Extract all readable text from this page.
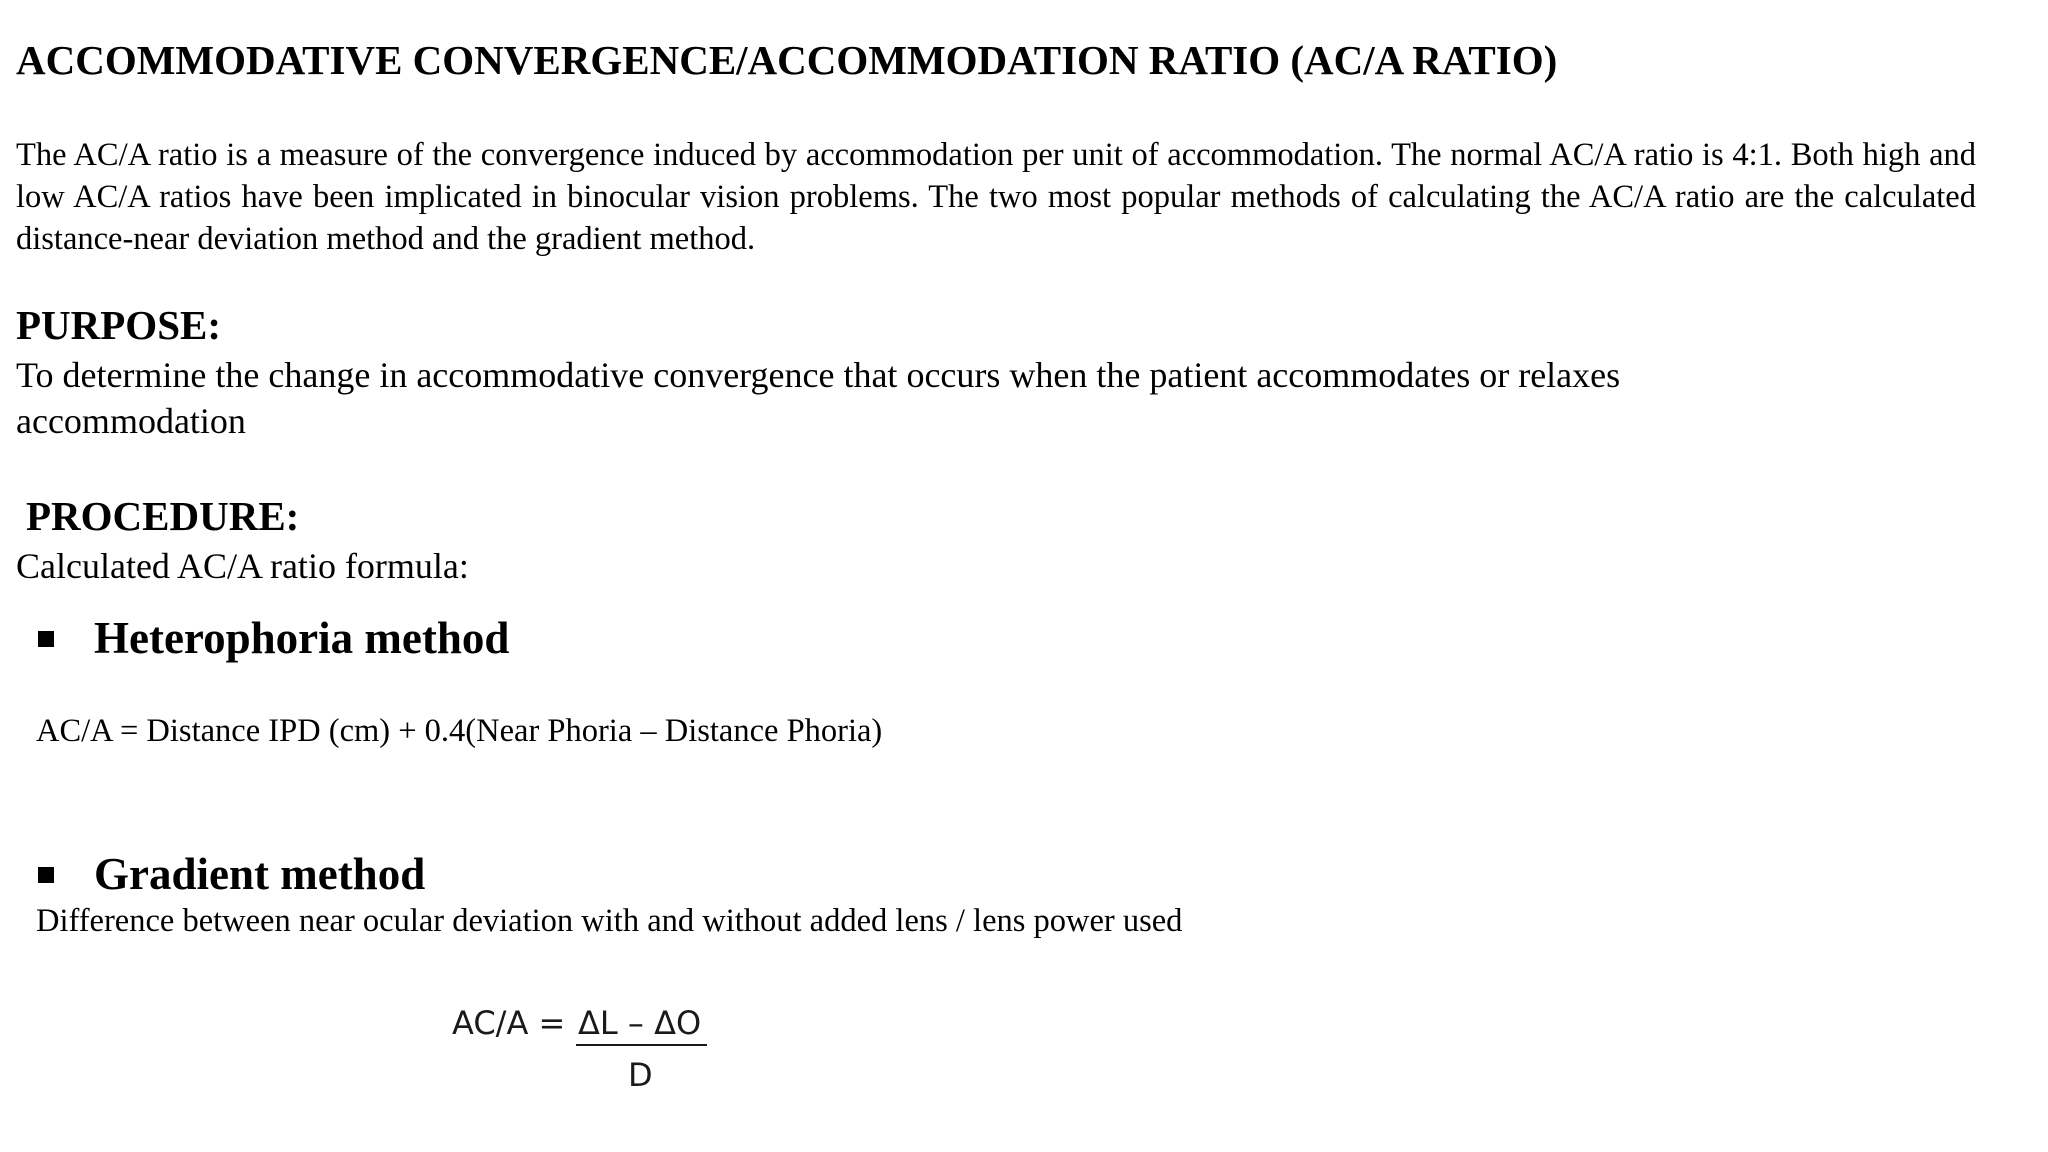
ACCOMMODATIVE CONVERGENCE/ACCOMMODATION RATIO (AC/A RATIO)
The AC/A ratio is a measure of the convergence induced by accommodation per unit of accommodation. The normal AC/A ratio is 4:1. Both high and low AC/A ratios have been implicated in binocular vision problems. The two most popular methods of calculating the AC/A ratio are the calculated distance-near deviation method and the gradient method.
PURPOSE:
To determine the change in accommodative convergence that occurs when the patient accommodates or relaxes accommodation
PROCEDURE:
Calculated AC/A ratio formula:
Heterophoria method
AC/A = Distance IPD (cm) + 0.4(Near Phoria – Distance Phoria)
Gradient method
Difference between near ocular deviation with and without added lens / lens power used
AC/A = ΔL – ΔO
D
